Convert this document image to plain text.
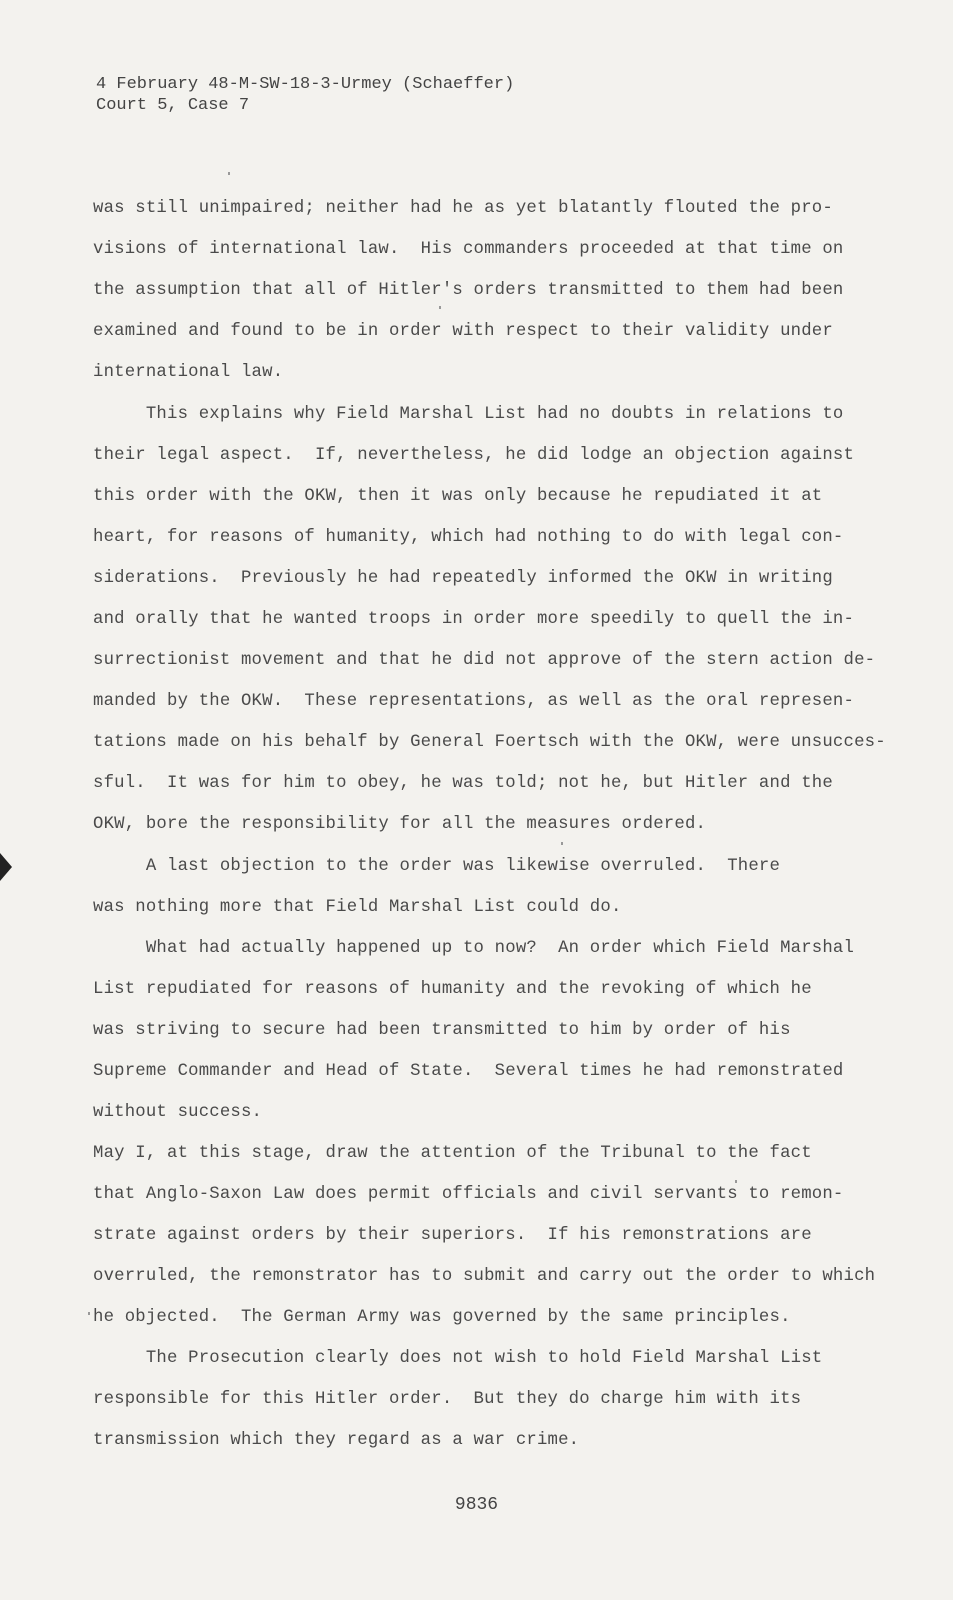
4 February 48-M-SW-18-3-Urmey (Schaeffer)
Court 5, Case 7
was still unimpaired; neither had he as yet blatantly flouted the pro-
visions of international law.  His commanders proceeded at that time on
the assumption that all of Hitler's orders transmitted to them had been
examined and found to be in order with respect to their validity under
international law.
This explains why Field Marshal List had no doubts in relations to
their legal aspect.  If, nevertheless, he did lodge an objection against
this order with the OKW, then it was only because he repudiated it at
heart, for reasons of humanity, which had nothing to do with legal con-
siderations.  Previously he had repeatedly informed the OKW in writing
and orally that he wanted troops in order more speedily to quell the in-
surrectionist movement and that he did not approve of the stern action de-
manded by the OKW.  These representations, as well as the oral represen-
tations made on his behalf by General Foertsch with the OKW, were unsucces-
sful.  It was for him to obey, he was told; not he, but Hitler and the
OKW, bore the responsibility for all the measures ordered.
A last objection to the order was likewise overruled.  There
was nothing more that Field Marshal List could do.
What had actually happened up to now?  An order which Field Marshal
List repudiated for reasons of humanity and the revoking of which he
was striving to secure had been transmitted to him by order of his
Supreme Commander and Head of State.  Several times he had remonstrated
without success.
May I, at this stage, draw the attention of the Tribunal to the fact
that Anglo-Saxon Law does permit officials and civil servants to remon-
strate against orders by their superiors.  If his remonstrations are
overruled, the remonstrator has to submit and carry out the order to which
he objected.  The German Army was governed by the same principles.
The Prosecution clearly does not wish to hold Field Marshal List
responsible for this Hitler order.  But they do charge him with its
transmission which they regard as a war crime.
9836
